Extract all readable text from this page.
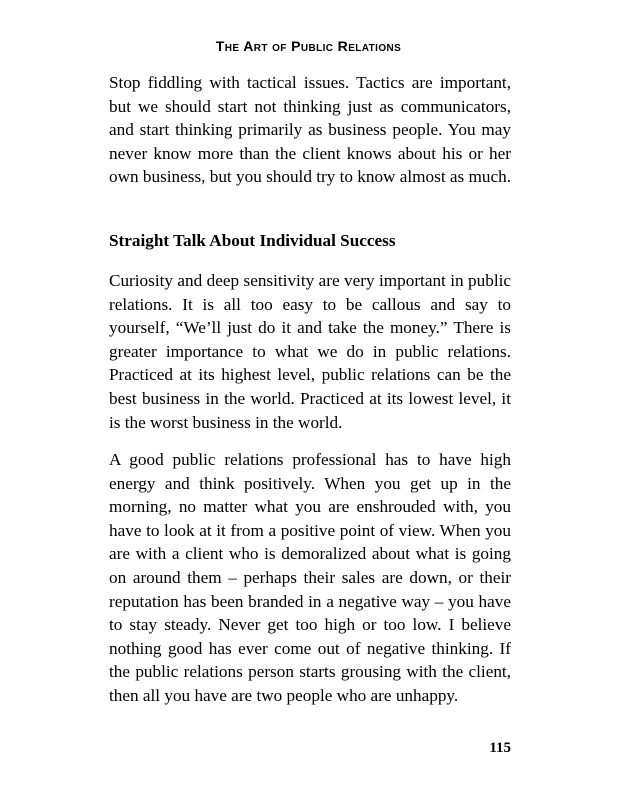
The Art of Public Relations

Stop fiddling with tactical issues. Tactics are important, but we should start not thinking just as communicators, and start thinking primarily as business people. You may never know more than the client knows about his or her own business, but you should try to know almost as much.

Straight Talk About Individual Success

Curiosity and deep sensitivity are very important in public relations. It is all too easy to be callous and say to yourself, “We’ll just do it and take the money.” There is greater importance to what we do in public relations. Practiced at its highest level, public relations can be the best business in the world. Practiced at its lowest level, it is the worst business in the world.

A good public relations professional has to have high energy and think positively. When you get up in the morning, no matter what you are enshrouded with, you have to look at it from a positive point of view. When you are with a client who is demoralized about what is going on around them – perhaps their sales are down, or their reputation has been branded in a negative way – you have to stay steady. Never get too high or too low. I believe nothing good has ever come out of negative thinking. If the public relations person starts grousing with the client, then all you have are two people who are unhappy.

115
